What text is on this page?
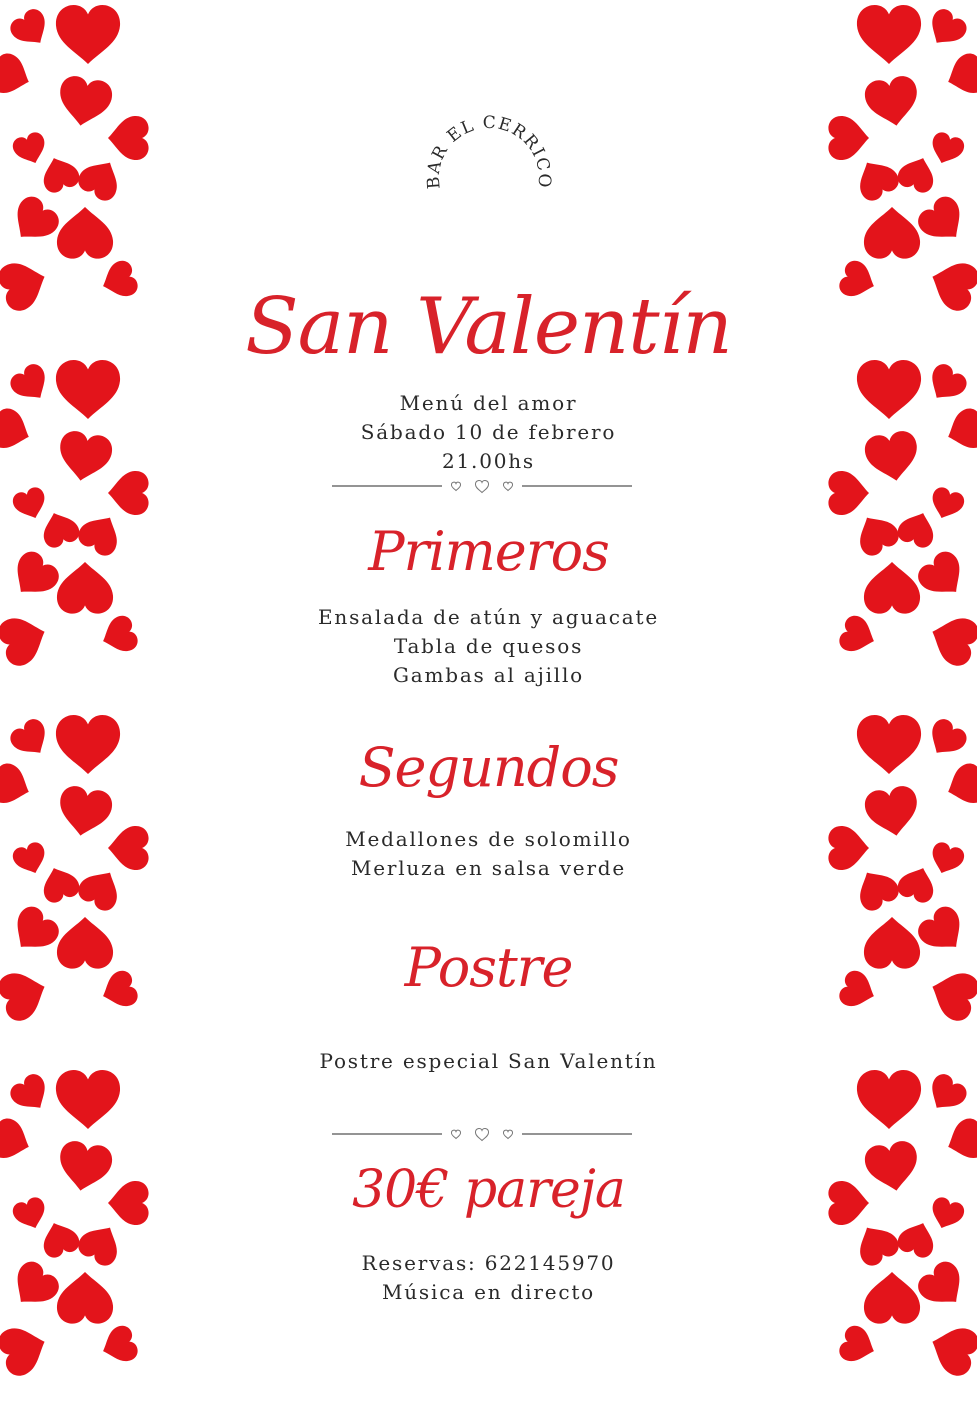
BAR EL CERRICO
San Valentín
Menú del amor
Sábado 10 de febrero
21.00hs
Primeros
Ensalada de atún y aguacate
Tabla de quesos
Gambas al ajillo
Segundos
Medallones de solomillo
Merluza en salsa verde
Postre
Postre especial San Valentín
30€ pareja
Reservas: 622145970
Música en directo
